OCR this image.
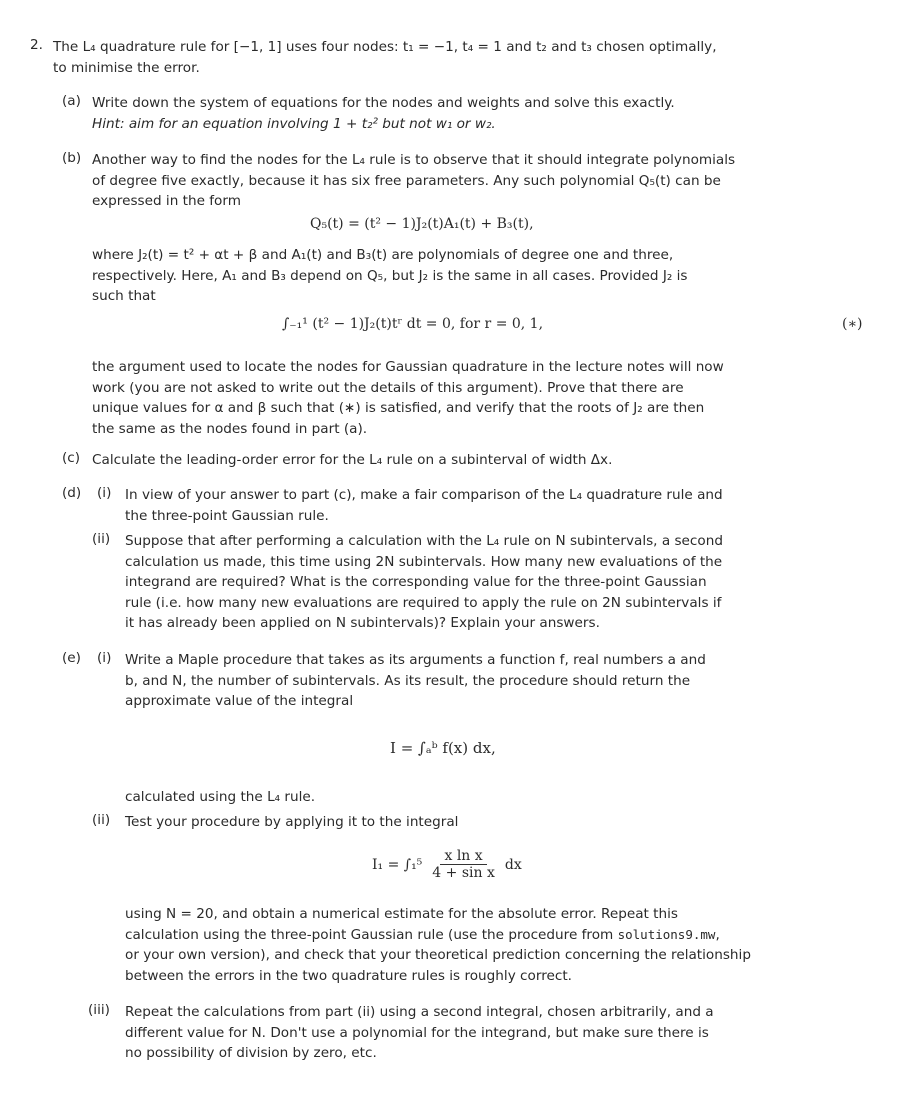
2. The L₄ quadrature rule for [−1, 1] uses four nodes: t₁ = −1, t₄ = 1 and t₂ and t₃ chosen optimally,
to minimise the error.
(a) Write down the system of equations for the nodes and weights and solve this exactly.
Hint: aim for an equation involving 1 + t₂² but not w₁ or w₂.
(b) Another way to find the nodes for the L₄ rule is to observe that it should integrate polynomials
of degree five exactly, because it has six free parameters. Any such polynomial Q₅(t) can be
expressed in the form
Q₅(t) = (t² − 1)J₂(t)A₁(t) + B₃(t),
where J₂(t) = t² + αt + β and A₁(t) and B₃(t) are polynomials of degree one and three,
respectively. Here, A₁ and B₃ depend on Q₅, but J₂ is the same in all cases. Provided J₂ is
such that
∫₋₁¹ (t² − 1)J₂(t)tʳ dt = 0, for r = 0, 1,	(∗)
the argument used to locate the nodes for Gaussian quadrature in the lecture notes will now
work (you are not asked to write out the details of this argument). Prove that there are
unique values for α and β such that (∗) is satisfied, and verify that the roots of J₂ are then
the same as the nodes found in part (a).
(c) Calculate the leading-order error for the L₄ rule on a subinterval of width Δx.
(d) (i) In view of your answer to part (c), make a fair comparison of the L₄ quadrature rule and
the three-point Gaussian rule.
(ii) Suppose that after performing a calculation with the L₄ rule on N subintervals, a second
calculation us made, this time using 2N subintervals. How many new evaluations of the
integrand are required? What is the corresponding value for the three-point Gaussian
rule (i.e. how many new evaluations are required to apply the rule on 2N subintervals if
it has already been applied on N subintervals)? Explain your answers.
(e) (i) Write a Maple procedure that takes as its arguments a function f, real numbers a and
b, and N, the number of subintervals. As its result, the procedure should return the
approximate value of the integral
I = ∫ₐᵇ f(x) dx,
calculated using the L₄ rule.
(ii) Test your procedure by applying it to the integral
$I_1 = \int_1^5 \frac{\text{x ln x}}{\text{4 + sin x}}$ dx
using N = 20, and obtain a numerical estimate for the absolute error. Repeat this
calculation using the three-point Gaussian rule (use the procedure from solutions9.mw,
or your own version), and check that your theoretical prediction concerning the relationship
between the errors in the two quadrature rules is roughly correct.
(iii) Repeat the calculations from part (ii) using a second integral, chosen arbitrarily, and a
different value for N. Don't use a polynomial for the integrand, but make sure there is
no possibility of division by zero, etc.
